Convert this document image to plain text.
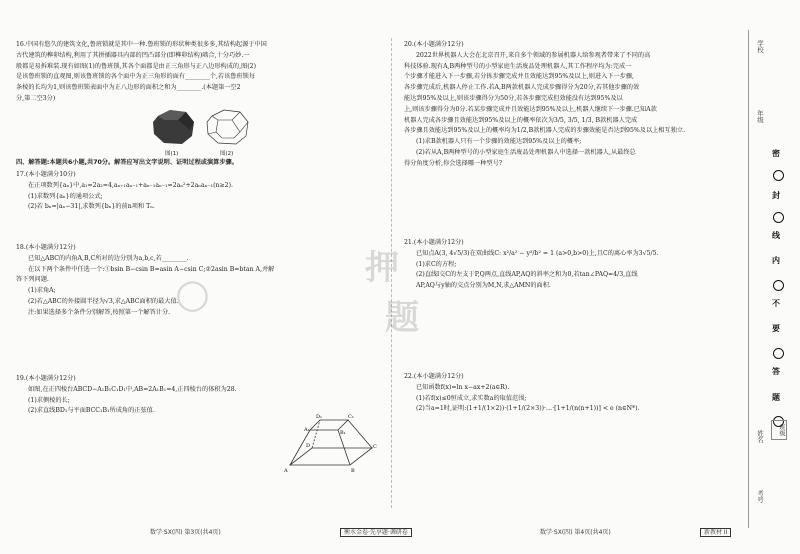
16.中国有悠久的建筑文化,鲁班锁就是其中一种.鲁班锁的形状种类很多多,其结构起源于中国

古代建筑的榫卯结构,利用了其拼插器具内部的凹凸部分(即榫卯结构)啮合,十分巧妙.一

般都是易拆难装.现有如图(1)的鲁班锁,其各个面都是由正三角形与正八边形构成的,图(2)

是该鲁班锁的直观图,则该鲁班锁的各个面中为正三角形的面有________个,若该鲁班锁每

条棱的长均为1,则该鲁班锁表面中为正八边形的面积之和为________.(本题第一空2

分,第二空3分)

图(1)	图(2)
四、解答题:本题共6小题,共70分。解答应写出文字说明、证明过程或演算步骤。

17.(本小题满分10分)

在正项数列{aₙ}中,a₁=2a₂=4,aₙ₊₁aₙ₋₁+aₙ₋₁aₙ₋₁=2aₙ²+2aₙaₙ₋₁(n≥2).

(1)求数列{aₙ}的通项公式;

(2)若 bₙ=|aₙ−31|,求数列{bₙ}的前n项和 Tₙ.

18.(本小题满分12分)

已知△ABC的内角A,B,C所对的边分别为a,b,c,若________.

在以下两个条件中任选一个:①bsin B−csin B=asin A−csin C;②2asin B=btan A,并解

答下列问题.

(1)求角A;

(2)若△ABC的外接圆半径为√3,求△ABC面积的最大值.

注:如果选择多个条件分别解答,按照第一个解答计分.

19.(本小题满分12分)

如图,在正四棱台ABCD−A₁B₁C₁D₁中,AB=2A₁B₁=4,正四棱台的体积为28.

(1)求侧棱的长;

(2)求直线BD₁与平面BCC₁B₁所成角的正弦值.

D₁	C₁
A₁	B₁
D	C
A	B

20.(本小题满分12分)

2022世界机器人大会在北京召开,来自多个领域的参展机器人给参观者带来了不同的高

科技体验.现有A,B两种型号的小型家庭生活废品处理机器人,其工作程序均为:完成一

个步骤才能进入下一步骤,若分拣步骤完成并且效能达到95%及以上,则进入下一步骤,

各步骤完成后,机器人停止工作.若A,B两款机器人完成步骤得分为20分,若其他步骤的效

能达到95%及以上,则该步骤得分为50分,若各步骤完成但效能没有达到95%及以

上,则该步骤得分为0分.若某步骤完成并且效能达到95%及以上,机器人继续下一步骤.已知A款

机器人完成各步骤且效能达到95%及以上的概率依次为3/5, 3/5, 1/3, B款机器人完成

各步骤且效能达到95%及以上的概率均为1/2,B款机器人完成的步骤效能是否达到95%及以上相互独立.

(1)求B款机器人只有一个步骤的效能达到95%及以上的概率;

(2)若从A,B两种型号的小型家庭生活废品处理机器人中选择一款机器人,从最终总

得分角度分析,你会选择哪一种型号?

21.(本小题满分12分)

已知点A(3, 4√5/3)在双曲线C: x²/a² − y²/b² = 1 (a>0,b>0)上,且C的离心率为3√5/5.

(1)求C的方程;

(2)直线l交C的左支于P,Q两点,直线AP,AQ的斜率之和为0,若tan∠PAQ=4/3,直线

AP,AQ与y轴的交点分别为M,N,求△AMN的面积.

22.(本小题满分12分)

已知函数f(x)=ln x−ax+2(a∈R).

(1)若f(x)≤0恒成立,求实数a的取值范围;

(2)当a=1时,证明:(1+1/(1×2))·(1+1/(2×3))·…·[1+1/(n(n+1))] < e (n∈N*).

押
题
○
数学·SX(四) 第3页(共4页)	衡水金卷·先享题·调研卷	数学·SX(四) 第4页(共4页)	新教材 II
学校
年级
姓名
考号
密
封
线
内
不
要
答
题
班级
